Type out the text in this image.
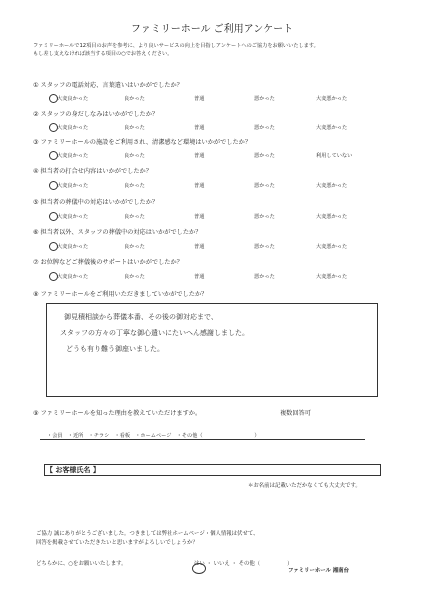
ファミリーホール ご利用アンケート
ファミリーホールで12項目のお声を参考に、より良いサービスの向上を目指しアンケートへのご協力をお願いいたします。
もし差し支えなければ該当する項目の○でお答えください。
① スタッフの電話対応、言葉遣いはいかがでしたか？
大変良かった	良かった	普通	悪かった	大変悪かった
② スタッフの身だしなみはいかがでしたか？
大変良かった	良かった	普通	悪かった	大変悪かった
③ ファミリーホールの施設をご利用され、清潔感など環境はいかがでしたか？
大変良かった	良かった	普通	悪かった	利用していない
④ 担当者の打合せ内容はいかがでしたか？
大変良かった	良かった	普通	悪かった	大変悪かった
⑤ 担当者の葬儀中の対応はいかがでしたか？
大変良かった	良かった	普通	悪かった	大変悪かった
⑥ 担当者以外、スタッフの葬儀中の対応はいかがでしたか？
大変良かった	良かった	普通	悪かった	大変悪かった
⑦ お位牌などご葬儀後のサポートはいかがでしたか？
大変良かった	良かった	普通	悪かった	大変悪かった
⑧ ファミリーホールをご利用いただきましていかがでしたか？
御見積相談から葬儀本番、その後の御対応まで、
スタッフの方々の丁寧な御心遣いにたいへん感謝しました。
どうも有り難う御座いました。
⑨ ファミリーホールを知った理由を教えていただけますか。	複数回答可
・会員　・近所　・チラシ　・看板　・ホームページ　・その他（　　　　　　　　　　）
【 お客様氏名 】
＊お名前は記載いただかなくても大丈夫です。
ご協力 誠にありがとうございました。つきましては弊社ホームページ・個人情報は伏せて、
回答を掲載させていただきたいと思いますがよろしいでしょうか？
どちらかに、○をお願いいたします。	はい ・ いいえ ・ その他（　　　　　）
ファミリーホール 湘南台
